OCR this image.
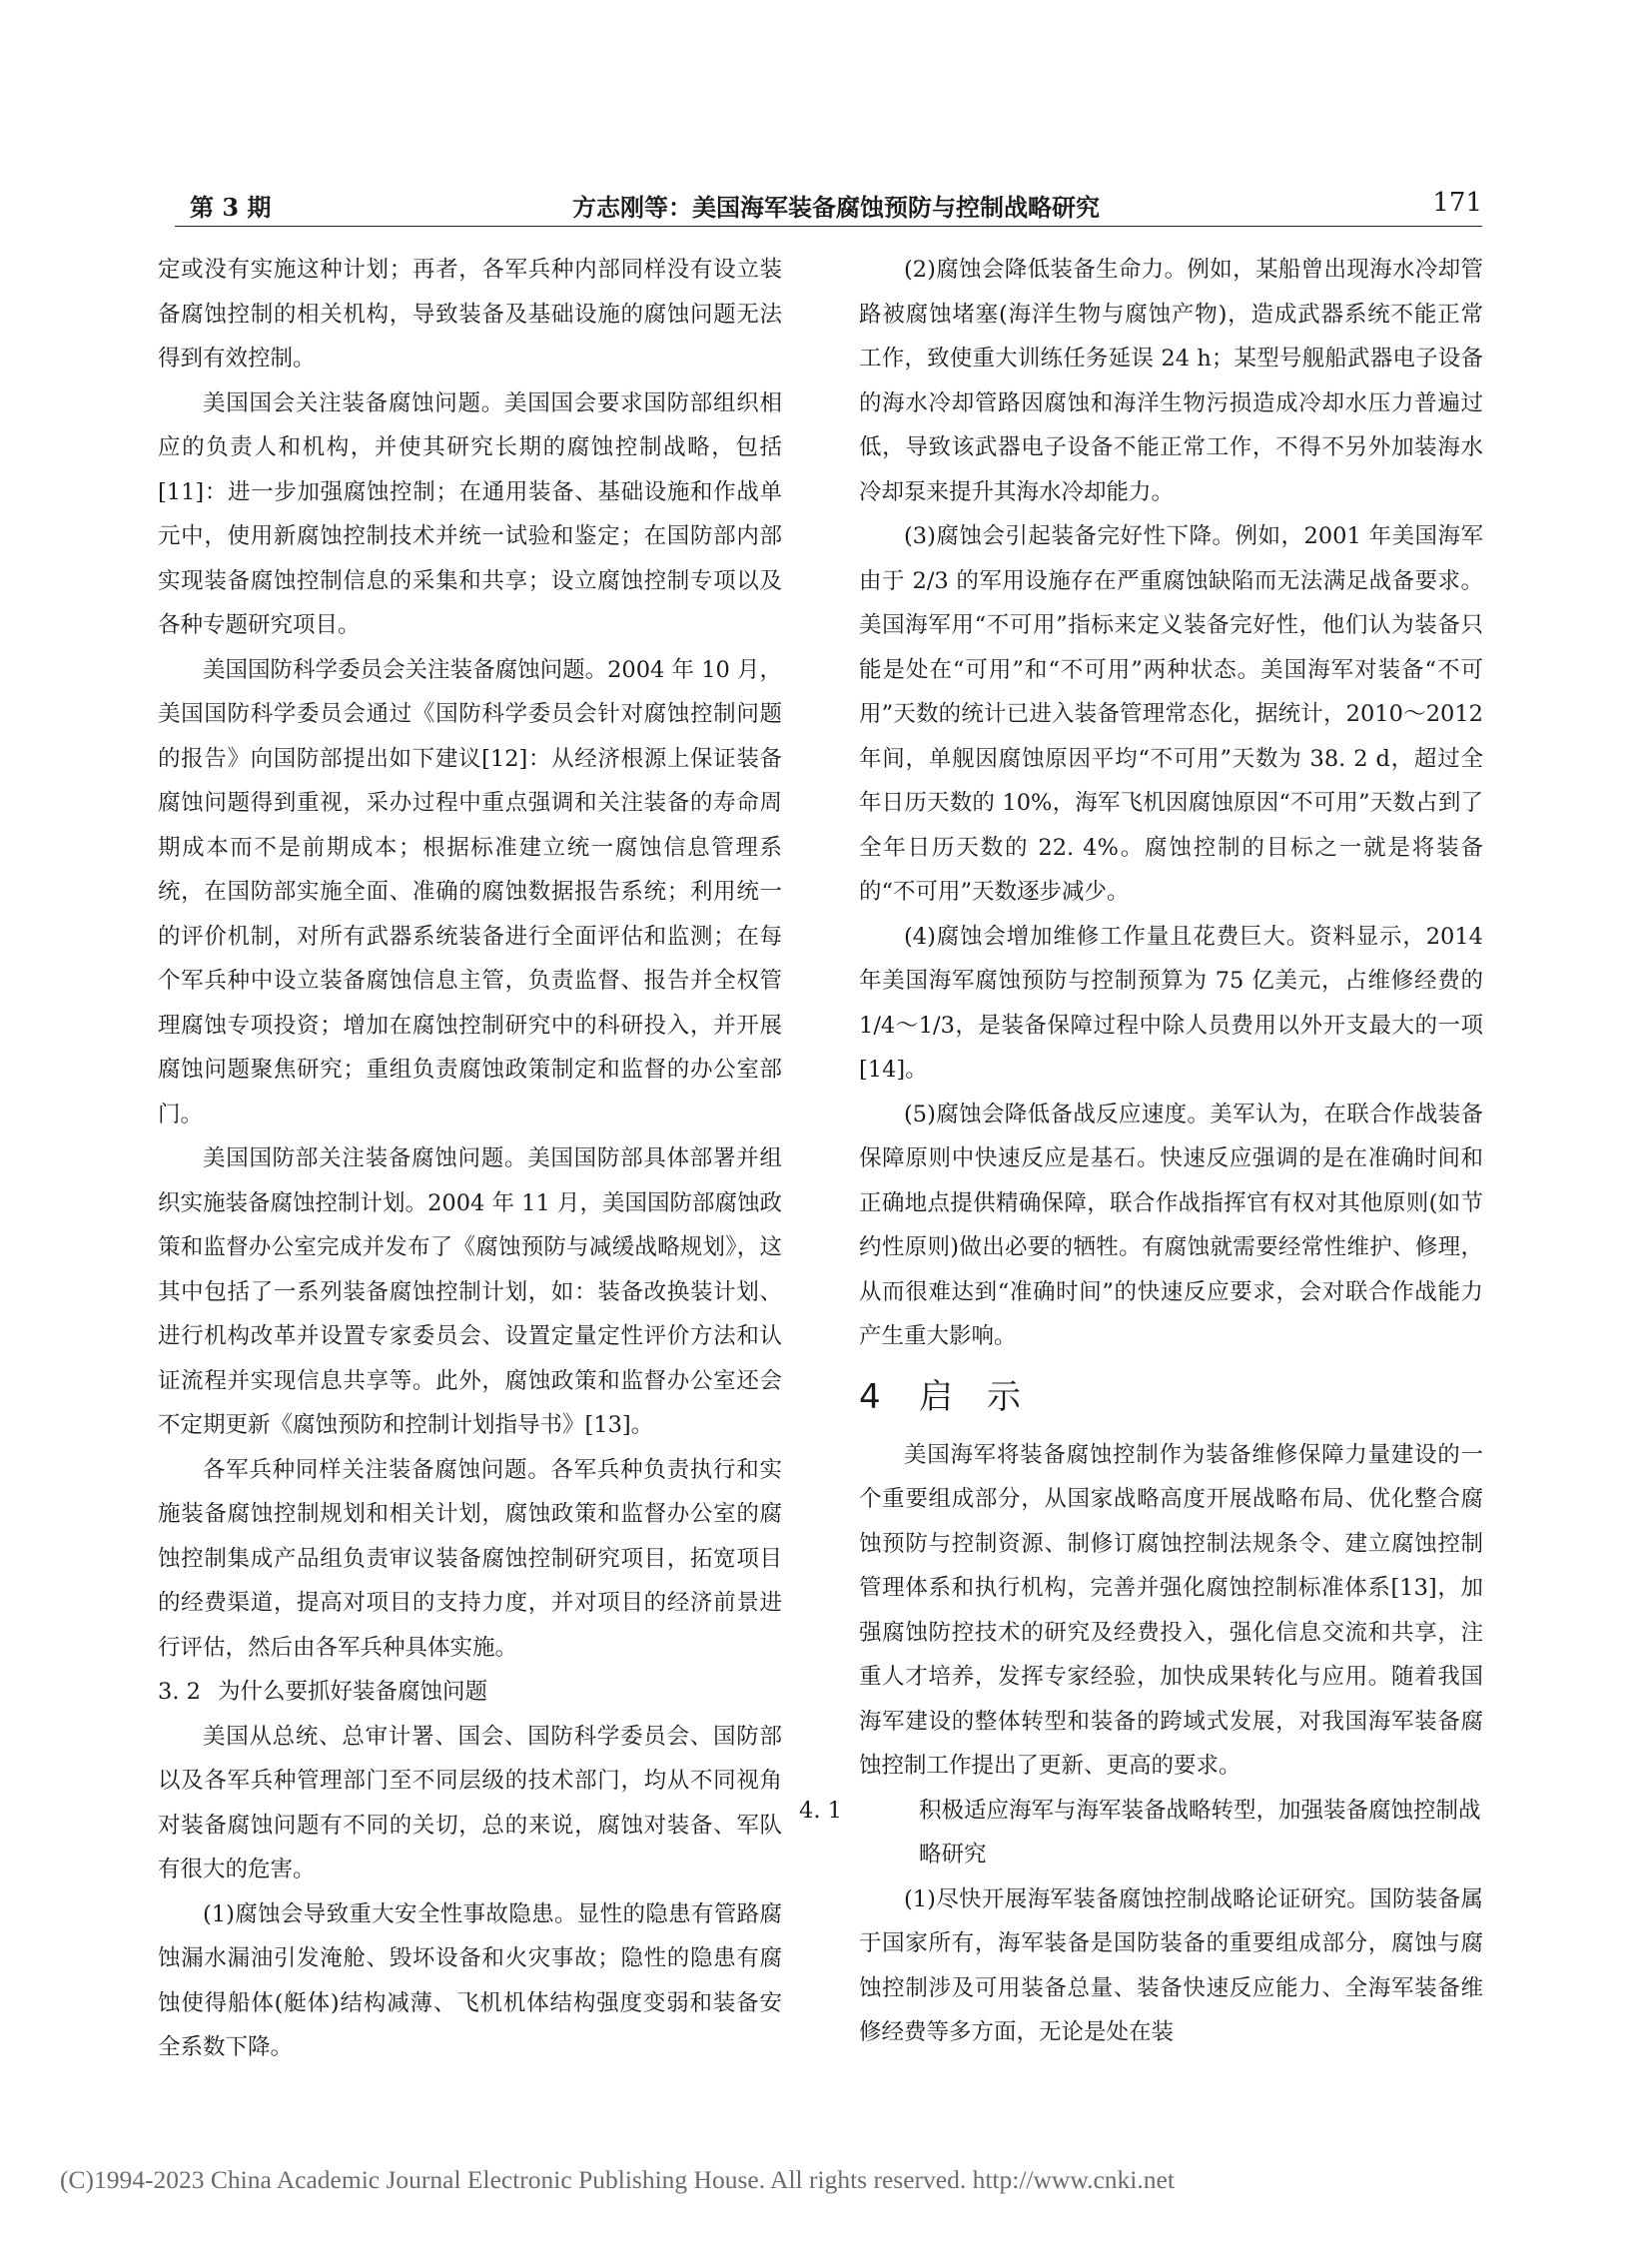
第 3 期	方志刚等：美国海军装备腐蚀预防与控制战略研究	171

定或没有实施这种计划；再者，各军兵种内部同样没有设立装备腐蚀控制的相关机构，导致装备及基础设施的腐蚀问题无法得到有效控制。

美国国会关注装备腐蚀问题。美国国会要求国防部组织相应的负责人和机构，并使其研究长期的腐蚀控制战略，包括[11]：进一步加强腐蚀控制；在通用装备、基础设施和作战单元中，使用新腐蚀控制技术并统一试验和鉴定；在国防部内部实现装备腐蚀控制信息的采集和共享；设立腐蚀控制专项以及各种专题研究项目。

美国国防科学委员会关注装备腐蚀问题。2004 年 10 月，美国国防科学委员会通过《国防科学委员会针对腐蚀控制问题的报告》向国防部提出如下建议[12]：从经济根源上保证装备腐蚀问题得到重视，采办过程中重点强调和关注装备的寿命周期成本而不是前期成本；根据标准建立统一腐蚀信息管理系统，在国防部实施全面、准确的腐蚀数据报告系统；利用统一的评价机制，对所有武器系统装备进行全面评估和监测；在每个军兵种中设立装备腐蚀信息主管，负责监督、报告并全权管理腐蚀专项投资；增加在腐蚀控制研究中的科研投入，并开展腐蚀问题聚焦研究；重组负责腐蚀政策制定和监督的办公室部门。

美国国防部关注装备腐蚀问题。美国国防部具体部署并组织实施装备腐蚀控制计划。2004 年 11 月，美国国防部腐蚀政策和监督办公室完成并发布了《腐蚀预防与减缓战略规划》，这其中包括了一系列装备腐蚀控制计划，如：装备改换装计划、进行机构改革并设置专家委员会、设置定量定性评价方法和认证流程并实现信息共享等。此外，腐蚀政策和监督办公室还会不定期更新《腐蚀预防和控制计划指导书》[13]。

各军兵种同样关注装备腐蚀问题。各军兵种负责执行和实施装备腐蚀控制规划和相关计划，腐蚀政策和监督办公室的腐蚀控制集成产品组负责审议装备腐蚀控制研究项目，拓宽项目的经费渠道，提高对项目的支持力度，并对项目的经济前景进行评估，然后由各军兵种具体实施。

3. 2 为什么要抓好装备腐蚀问题

美国从总统、总审计署、国会、国防科学委员会、国防部以及各军兵种管理部门至不同层级的技术部门，均从不同视角对装备腐蚀问题有不同的关切，总的来说，腐蚀对装备、军队有很大的危害。

(1)腐蚀会导致重大安全性事故隐患。显性的隐患有管路腐蚀漏水漏油引发淹舱、毁坏设备和火灾事故；隐性的隐患有腐蚀使得船体(艇体)结构减薄、飞机机体结构强度变弱和装备安全系数下降。

(2)腐蚀会降低装备生命力。例如，某船曾出现海水冷却管路被腐蚀堵塞(海洋生物与腐蚀产物)，造成武器系统不能正常工作，致使重大训练任务延误 24 h；某型号舰船武器电子设备的海水冷却管路因腐蚀和海洋生物污损造成冷却水压力普遍过低，导致该武器电子设备不能正常工作，不得不另外加装海水冷却泵来提升其海水冷却能力。

(3)腐蚀会引起装备完好性下降。例如，2001 年美国海军由于 2/3 的军用设施存在严重腐蚀缺陷而无法满足战备要求。美国海军用“不可用”指标来定义装备完好性，他们认为装备只能是处在“可用”和“不可用”两种状态。美国海军对装备“不可用”天数的统计已进入装备管理常态化，据统计，2010～2012 年间，单舰因腐蚀原因平均“不可用”天数为 38. 2 d，超过全年日历天数的 10%，海军飞机因腐蚀原因“不可用”天数占到了全年日历天数的 22. 4%。腐蚀控制的目标之一就是将装备的“不可用”天数逐步减少。

(4)腐蚀会增加维修工作量且花费巨大。资料显示，2014 年美国海军腐蚀预防与控制预算为 75 亿美元，占维修经费的 1/4～1/3，是装备保障过程中除人员费用以外开支最大的一项[14]。

(5)腐蚀会降低备战反应速度。美军认为，在联合作战装备保障原则中快速反应是基石。快速反应强调的是在准确时间和正确地点提供精确保障，联合作战指挥官有权对其他原则(如节约性原则)做出必要的牺牲。有腐蚀就需要经常性维护、修理，从而很难达到“准确时间”的快速反应要求，会对联合作战能力产生重大影响。

4 启　示

美国海军将装备腐蚀控制作为装备维修保障力量建设的一个重要组成部分，从国家战略高度开展战略布局、优化整合腐蚀预防与控制资源、制修订腐蚀控制法规条令、建立腐蚀控制管理体系和执行机构，完善并强化腐蚀控制标准体系[13]，加强腐蚀防控技术的研究及经费投入，强化信息交流和共享，注重人才培养，发挥专家经验，加快成果转化与应用。随着我国海军建设的整体转型和装备的跨域式发展，对我国海军装备腐蚀控制工作提出了更新、更高的要求。

4. 1	积极适应海军与海军装备战略转型，加强装备腐蚀控制战略研究

(1)尽快开展海军装备腐蚀控制战略论证研究。国防装备属于国家所有，海军装备是国防装备的重要组成部分，腐蚀与腐蚀控制涉及可用装备总量、装备快速反应能力、全海军装备维修经费等多方面，无论是处在装

(C)1994-2023 China Academic Journal Electronic Publishing House. All rights reserved. http://www.cnki.net
